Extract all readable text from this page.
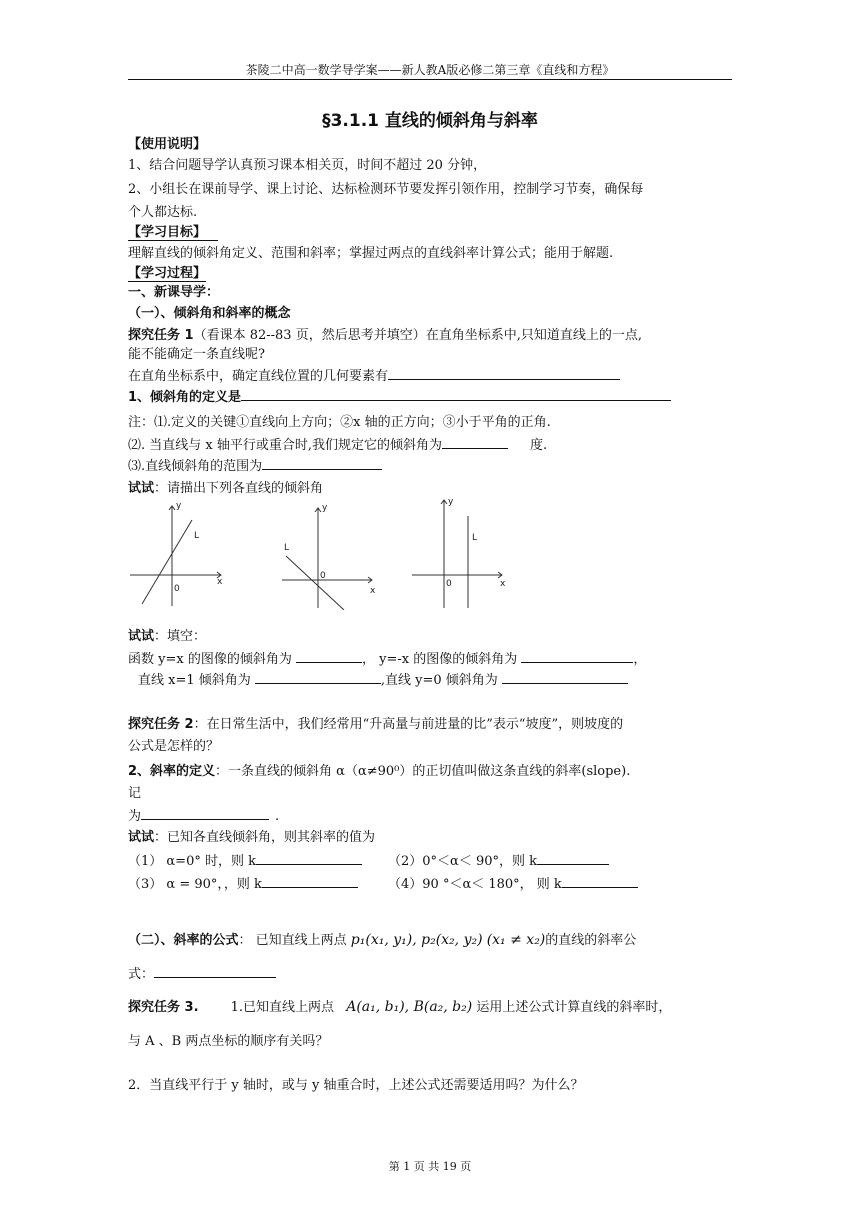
茶陵二中高一数学导学案——新人教A版必修二第三章《直线和方程》
§3.1.1 直线的倾斜角与斜率
【使用说明】
1、结合问题导学认真预习课本相关页，时间不超过 20 分钟，
2、小组长在课前导学、课上讨论、达标检测环节要发挥引领作用，控制学习节奏，确保每
个人都达标.
【学习目标】
理解直线的倾斜角定义、范围和斜率；掌握过两点的直线斜率计算公式；能用于解题.
【学习过程】
一、新课导学：
（一）、倾斜角和斜率的概念
探究任务 1（看课本 82--83 页，然后思考并填空）在直角坐标系中,只知道直线上的一点,
能不能确定一条直线呢?
在直角坐标系中，确定直线位置的几何要素有
1、倾斜角的定义是
注：⑴.定义的关键①直线向上方向；②x 轴的正方向；③小于平角的正角.
⑵. 当直线与 x 轴平行或重合时,我们规定它的倾斜角为	度.
⑶.直线倾斜角的范围为
试试：请描出下列各直线的倾斜角
x
y
0
L
x
y
0
L
x
y
0
L
试试：填空：
函数 y=x 的图像的倾斜角为	， y=-x 的图像的倾斜角为	，
直线 x=1 倾斜角为	,直线 y=0 倾斜角为
探究任务 2：在日常生活中，我们经常用“升高量与前进量的比”表示“坡度”，则坡度的
公式是怎样的？
2、斜率的定义：一条直线的倾斜角 α（α≠90⁰）的正切值叫做这条直线的斜率(slope).
记
为	.
试试：已知各直线倾斜角，则其斜率的值为
（1） α=0° 时，则 k	（2）0°＜α＜ 90°，则 k
（3） α = 90°，，则 k	（4）90 °＜α＜ 180°， 则 k
（二）、斜率的公式： 已知直线上两点 p₁(x₁, y₁), p₂(x₂, y₂) (x₁ ≠ x₂)的直线的斜率公
式：
探究任务 3. 1.已知直线上两点 A(a₁, b₁), B(a₂, b₂) 运用上述公式计算直线的斜率时，
与 A 、B 两点坐标的顺序有关吗？
2．当直线平行于 y 轴时，或与 y 轴重合时，上述公式还需要适用吗？为什么？
第 1 页 共 19 页
